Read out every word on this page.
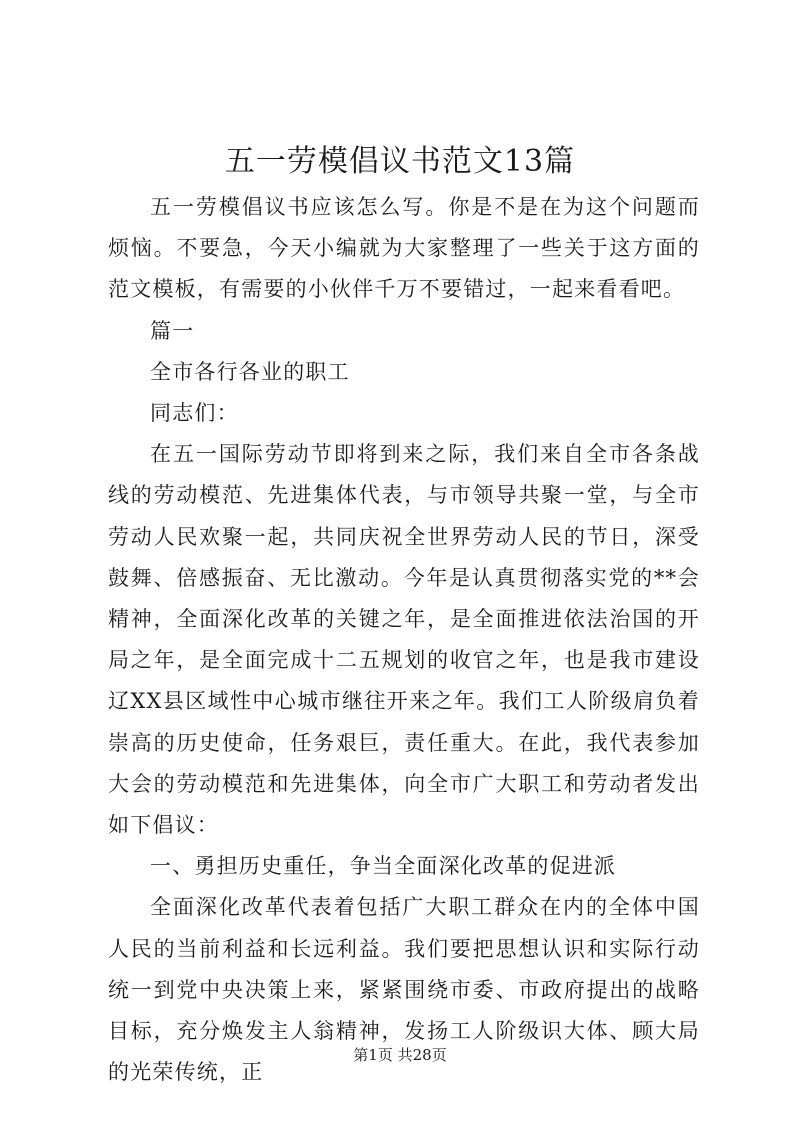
五一劳模倡议书范文13篇

五一劳模倡议书应该怎么写。你是不是在为这个问题而烦恼。不要急，今天小编就为大家整理了一些关于这方面的范文模板，有需要的小伙伴千万不要错过，一起来看看吧。

篇一

全市各行各业的职工

同志们：

在五一国际劳动节即将到来之际，我们来自全市各条战线的劳动模范、先进集体代表，与市领导共聚一堂，与全市劳动人民欢聚一起，共同庆祝全世界劳动人民的节日，深受鼓舞、倍感振奋、无比激动。今年是认真贯彻落实党的**会精神，全面深化改革的关键之年，是全面推进依法治国的开局之年，是全面完成十二五规划的收官之年，也是我市建设辽XX县区域性中心城市继往开来之年。我们工人阶级肩负着崇高的历史使命，任务艰巨，责任重大。在此，我代表参加大会的劳动模范和先进集体，向全市广大职工和劳动者发出如下倡议：

一、勇担历史重任，争当全面深化改革的促进派

全面深化改革代表着包括广大职工群众在内的全体中国人民的当前利益和长远利益。我们要把思想认识和实际行动统一到党中央决策上来，紧紧围绕市委、市政府提出的战略目标，充分焕发主人翁精神，发扬工人阶级识大体、顾大局的光荣传统，正

第1页 共28页
